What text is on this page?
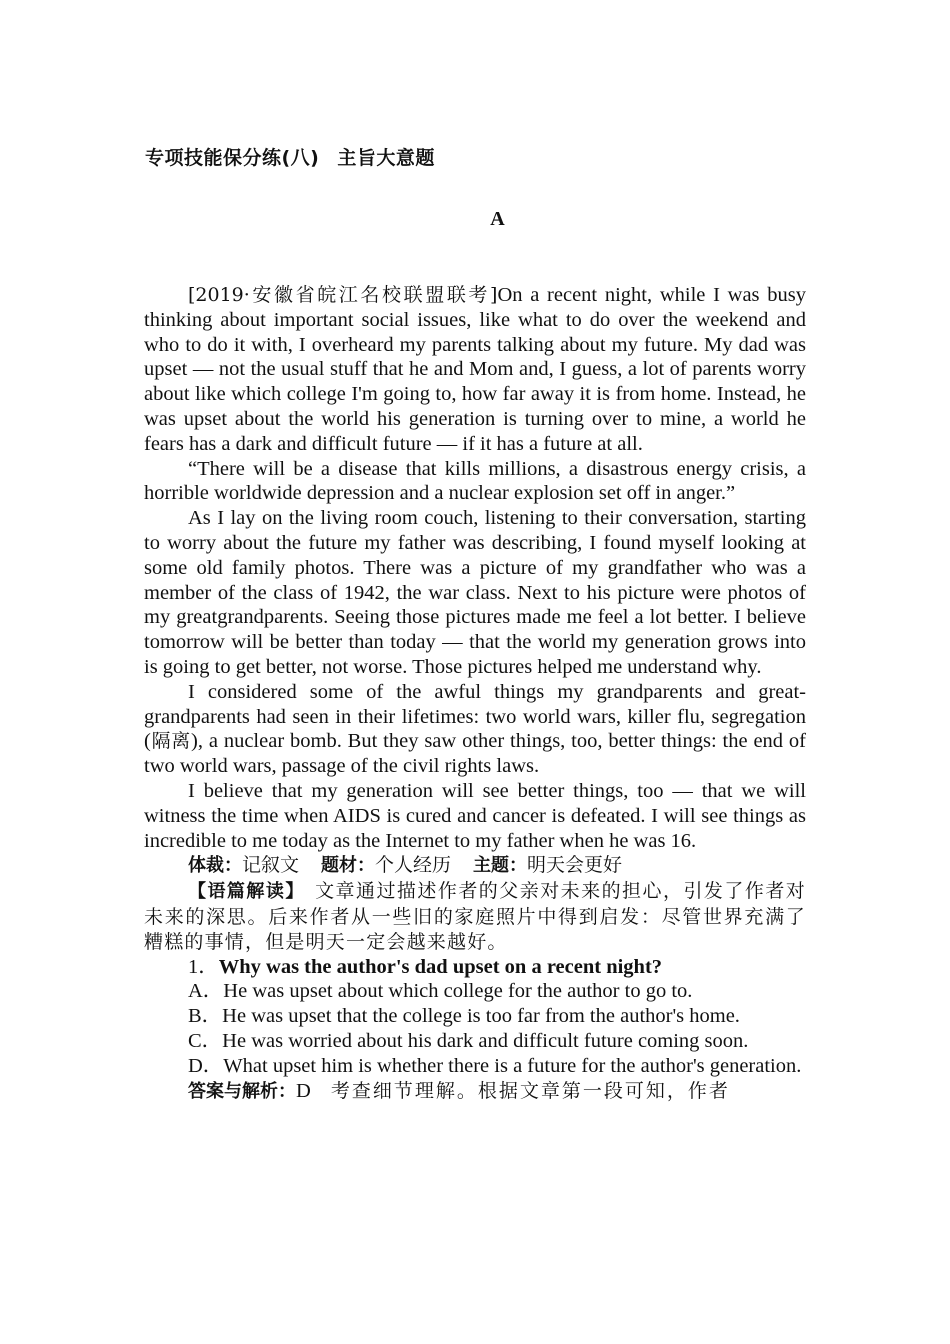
专项技能保分练(八) 主旨大意题
A

[2019·安徽省皖江名校联盟联考]On a recent night, while I was busy thinking about important social issues, like what to do over the weekend and who to do it with, I overheard my parents talking about my future. My dad was upset — not the usual stuff that he and Mom and, I guess, a lot of parents worry about like which college I'm going to, how far away it is from home. Instead, he was upset about the world his generation is turning over to mine, a world he fears has a dark and difficult future — if it has a future at all.

“There will be a disease that kills millions, a disastrous energy crisis, a horrible worldwide depression and a nuclear explosion set off in anger.”

As I lay on the living room couch, listening to their conversation, starting to worry about the future my father was describing, I found myself looking at some old family photos. There was a picture of my grandfather who was a member of the class of 1942, the war class. Next to his picture were photos of my greatgrandparents. Seeing those pictures made me feel a lot better. I believe tomorrow will be better than today — that the world my generation grows into is going to get better, not worse. Those pictures helped me understand why.

I considered some of the awful things my grandparents and great-grandparents had seen in their lifetimes: two world wars, killer flu, segregation (隔离), a nuclear bomb. But they saw other things, too, better things: the end of two world wars, passage of the civil rights laws.

I believe that my generation will see better things, too — that we will witness the time when AIDS is cured and cancer is defeated. I will see things as incredible to me today as the Internet to my father when he was 16.

体裁：记叙文 题材：个人经历 主题：明天会更好

【语篇解读】 文章通过描述作者的父亲对未来的担心，引发了作者对未来的深思。后来作者从一些旧的家庭照片中得到启发：尽管世界充满了糟糕的事情，但是明天一定会越来越好。

1．Why was the author's dad upset on a recent night?

A．He was upset about which college for the author to go to.

B．He was upset that the college is too far from the author's home.

C．He was worried about his dark and difficult future coming soon.

D．What upset him is whether there is a future for the author's generation.

答案与解析：D 考查细节理解。根据文章第一段可知，作者
